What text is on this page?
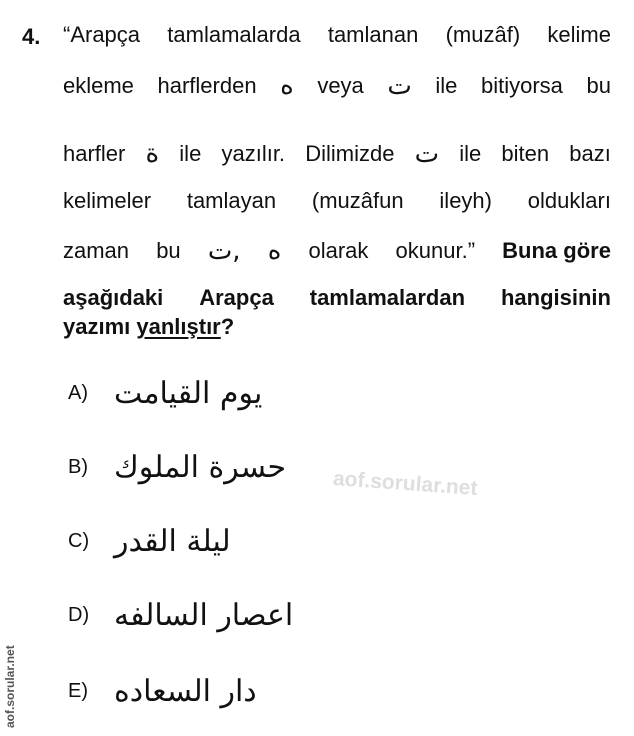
4. “Arapça tamlamalarda tamlanan (muzâf) kelime
ekleme harflerden ه veya ت ile bitiyorsa bu
harfler ة ile yazılır. Dilimizde ت ile biten bazı
kelimeler tamlayan (muzâfun ileyh) oldukları
zaman bu ت, ه olarak okunur.” Buna göre
aşağıdaki Arapça tamlamalardan hangisinin
yazımı yanlıştır?
A) يوم القيامت
B) حسرة الملوك
C) ليلة القدر
D) اعصار السالفه
E) دار السعاده
aof.sorular.net
aof.sorular.net
